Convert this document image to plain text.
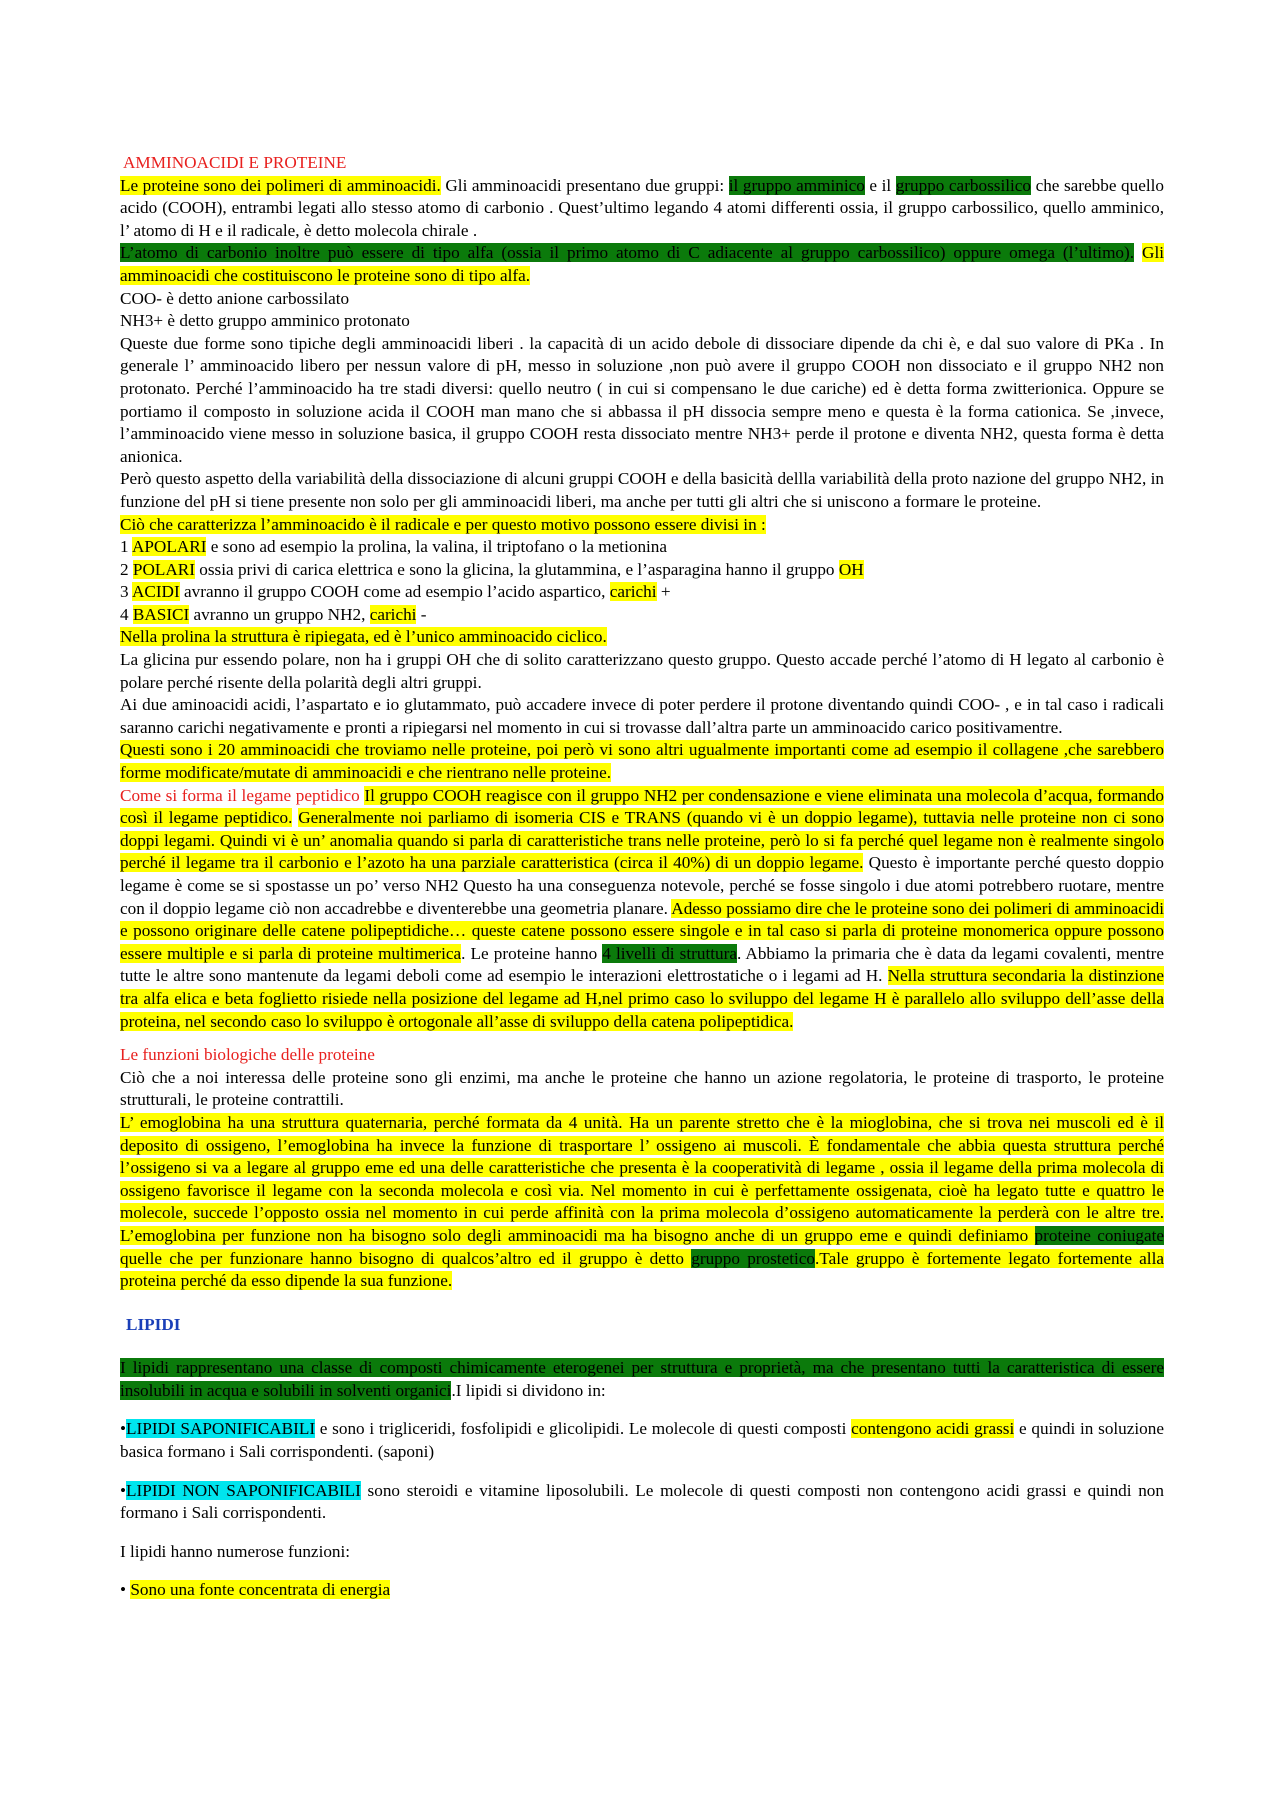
AMMINOACIDI E PROTEINE

Le proteine sono dei polimeri di amminoacidi. Gli amminoacidi presentano due gruppi: il gruppo amminico e il gruppo carbossilico che sarebbe quello acido (COOH), entrambi legati allo stesso atomo di carbonio . Quest’ultimo legando 4 atomi differenti ossia, il gruppo carbossilico, quello amminico, l’ atomo di H e il radicale, è detto molecola chirale .

L’atomo di carbonio inoltre può essere di tipo alfa (ossia il primo atomo di C adiacente al gruppo carbossilico) oppure omega (l’ultimo). Gli amminoacidi che costituiscono le proteine sono di tipo alfa.

COO- è detto anione carbossilato

NH3+ è detto gruppo amminico protonato

Queste due forme sono tipiche degli amminoacidi liberi . la capacità di un acido debole di dissociare dipende da chi è, e dal suo valore di PKa . In generale l’ amminoacido libero per nessun valore di pH, messo in soluzione ,non può avere il gruppo COOH non dissociato e il gruppo NH2 non protonato. Perché l’amminoacido ha tre stadi diversi: quello neutro ( in cui si compensano le due cariche) ed è detta forma zwitterionica. Oppure se portiamo il composto in soluzione acida il COOH man mano che si abbassa il pH dissocia sempre meno e questa è la forma cationica. Se ,invece, l’amminoacido viene messo in soluzione basica, il gruppo COOH resta dissociato mentre NH3+ perde il protone e diventa NH2, questa forma è detta anionica.

Però questo aspetto della variabilità della dissociazione di alcuni gruppi COOH e della basicità dellla variabilità della proto nazione del gruppo NH2, in funzione del pH si tiene presente non solo per gli amminoacidi liberi, ma anche per tutti gli altri che si uniscono a formare le proteine.

Ciò che caratterizza l’amminoacido è il radicale e per questo motivo possono essere divisi in :

1 APOLARI e sono ad esempio la prolina, la valina, il triptofano o la metionina

2 POLARI ossia privi di carica elettrica e sono la glicina, la glutammina, e l’asparagina hanno il gruppo OH

3 ACIDI avranno il gruppo COOH come ad esempio l’acido aspartico, carichi +

4 BASICI avranno un gruppo NH2, carichi -

Nella prolina la struttura è ripiegata, ed è l’unico amminoacido ciclico.

La glicina pur essendo polare, non ha i gruppi OH che di solito caratterizzano questo gruppo. Questo accade perché l’atomo di H legato al carbonio è polare perché risente della polarità degli altri gruppi.

Ai due aminoacidi acidi, l’aspartato e io glutammato, può accadere invece di poter perdere il protone diventando quindi COO- , e in tal caso i radicali saranno carichi negativamente e pronti a ripiegarsi nel momento in cui si trovasse dall’altra parte un amminoacido carico positivamentre.

Questi sono i 20 amminoacidi che troviamo nelle proteine, poi però vi sono altri ugualmente importanti come ad esempio il collagene ,che sarebbero forme modificate/mutate di amminoacidi e che rientrano nelle proteine.

Come si forma il legame peptidico Il gruppo COOH reagisce con il gruppo NH2 per condensazione e viene eliminata una molecola d’acqua, formando così il legame peptidico. Generalmente noi parliamo di isomeria CIS e TRANS (quando vi è un doppio legame), tuttavia nelle proteine non ci sono doppi legami. Quindi vi è un’ anomalia quando si parla di caratteristiche trans nelle proteine, però lo si fa perché quel legame non è realmente singolo perché il legame tra il carbonio e l’azoto ha una parziale caratteristica (circa il 40%) di un doppio legame. Questo è importante perché questo doppio legame è come se si spostasse un po’ verso NH2 Questo ha una conseguenza notevole, perché se fosse singolo i due atomi potrebbero ruotare, mentre con il doppio legame ciò non accadrebbe e diventerebbe una geometria planare. Adesso possiamo dire che le proteine sono dei polimeri di amminoacidi e possono originare delle catene polipeptidiche… queste catene possono essere singole e in tal caso si parla di proteine monomerica oppure possono essere multiple e si parla di proteine multimerica. Le proteine hanno 4 livelli di struttura. Abbiamo la primaria che è data da legami covalenti, mentre tutte le altre sono mantenute da legami deboli come ad esempio le interazioni elettrostatiche o i legami ad H. Nella struttura secondaria la distinzione tra alfa elica e beta foglietto risiede nella posizione del legame ad H,nel primo caso lo sviluppo del legame H è parallelo allo sviluppo dell’asse della proteina, nel secondo caso lo sviluppo è ortogonale all’asse di sviluppo della catena polipeptidica.

Le funzioni biologiche delle proteine

Ciò che a noi interessa delle proteine sono gli enzimi, ma anche le proteine che hanno un azione regolatoria, le proteine di trasporto, le proteine strutturali, le proteine contrattili.

L’ emoglobina ha una struttura quaternaria, perché formata da 4 unità. Ha un parente stretto che è la mioglobina, che si trova nei muscoli ed è il deposito di ossigeno, l’emoglobina ha invece la funzione di trasportare l’ ossigeno ai muscoli. È fondamentale che abbia questa struttura perché l’ossigeno si va a legare al gruppo eme ed una delle caratteristiche che presenta è la cooperatività di legame , ossia il legame della prima molecola di ossigeno favorisce il legame con la seconda molecola e così via. Nel momento in cui è perfettamente ossigenata, cioè ha legato tutte e quattro le molecole, succede l’opposto ossia nel momento in cui perde affinità con la prima molecola d’ossigeno automaticamente la perderà con le altre tre. L’emoglobina per funzione non ha bisogno solo degli amminoacidi ma ha bisogno anche di un gruppo eme e quindi definiamo proteine coniugate quelle che per funzionare hanno bisogno di qualcos’altro ed il gruppo è detto gruppo prostetico.Tale gruppo è fortemente legato fortemente alla proteina perché da esso dipende la sua funzione.

LIPIDI

I lipidi rappresentano una classe di composti chimicamente eterogenei per struttura e proprietà, ma che presentano tutti la caratteristica di essere insolubili in acqua e solubili in solventi organici.I lipidi si dividono in:

•LIPIDI SAPONIFICABILI e sono i trigliceridi, fosfolipidi e glicolipidi. Le molecole di questi composti contengono acidi grassi e quindi in soluzione basica formano i Sali corrispondenti. (saponi)

•LIPIDI NON SAPONIFICABILI sono steroidi e vitamine liposolubili. Le molecole di questi composti non contengono acidi grassi e quindi non formano i Sali corrispondenti.

I lipidi hanno numerose funzioni:

• Sono una fonte concentrata di energia
